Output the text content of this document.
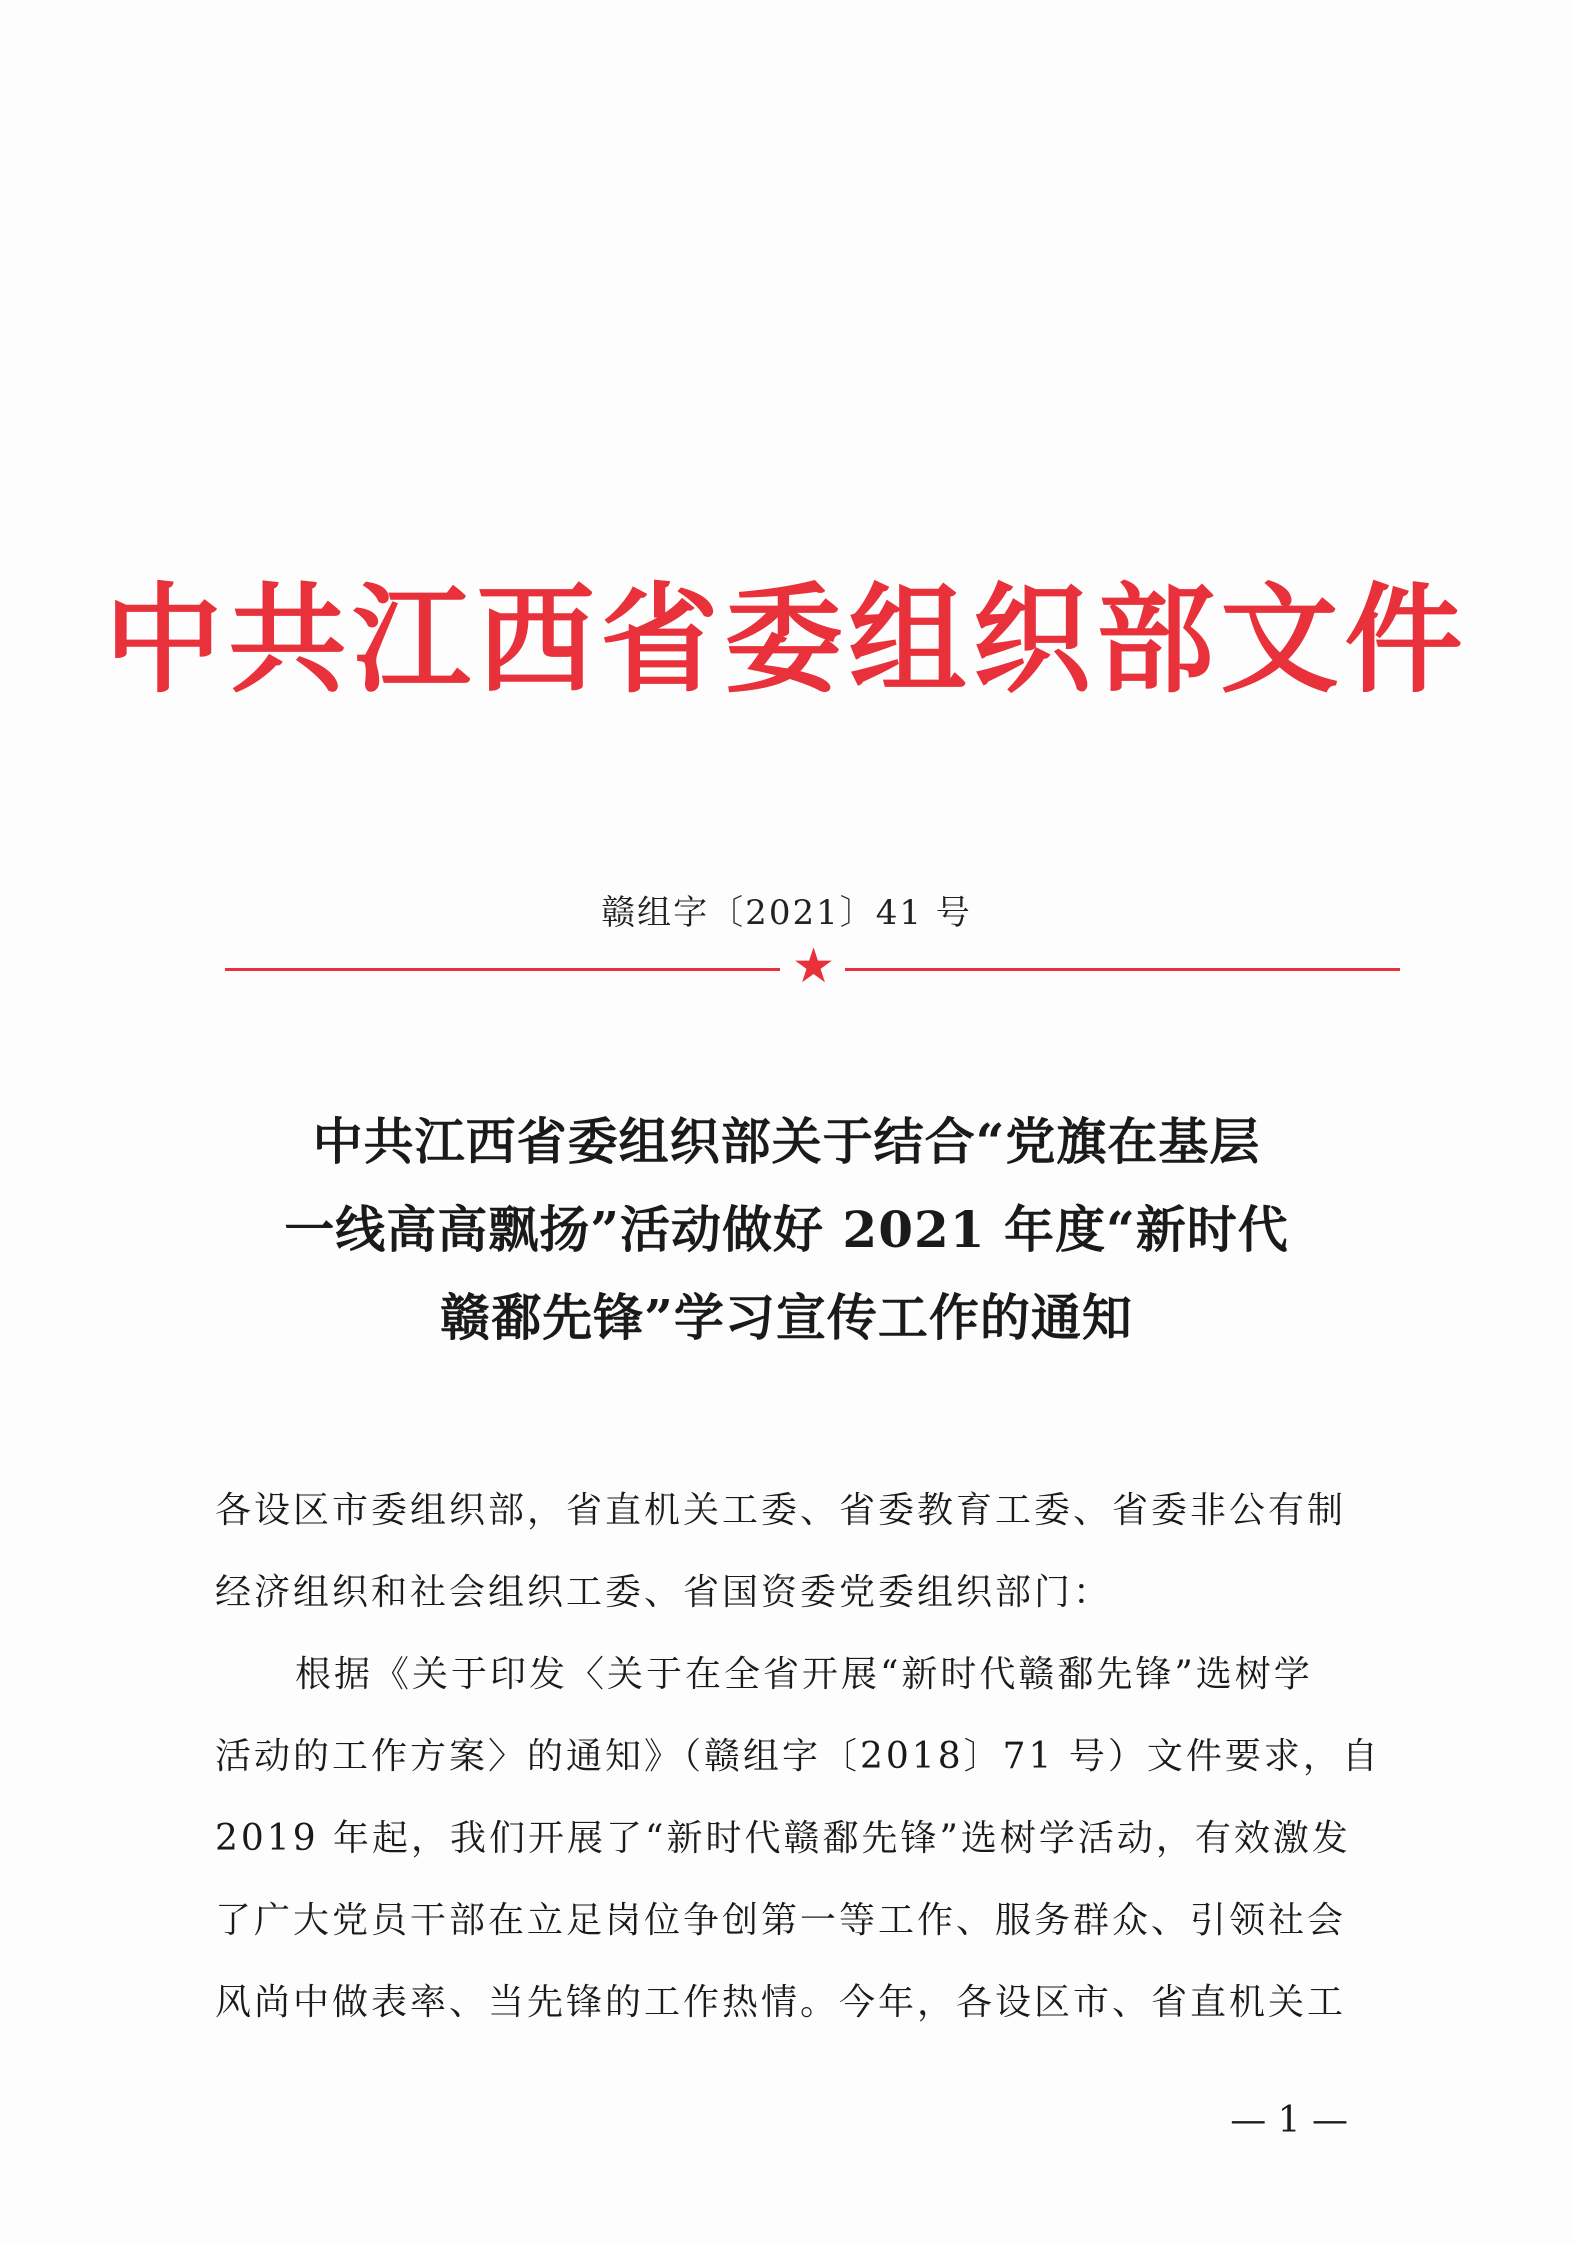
中共江西省委组织部文件
赣组字〔2021〕41 号
★
中共江西省委组织部关于结合“党旗在基层
一线高高飘扬”活动做好 2021 年度“新时代
赣鄱先锋”学习宣传工作的通知
各设区市委组织部，省直机关工委、省委教育工委、省委非公有制
经济组织和社会组织工委、省国资委党委组织部门：
根据《关于印发〈关于在全省开展“新时代赣鄱先锋”选树学
活动的工作方案〉的通知》（赣组字〔2018〕71 号）文件要求，自
2019 年起，我们开展了“新时代赣鄱先锋”选树学活动，有效激发
了广大党员干部在立足岗位争创第一等工作、服务群众、引领社会
风尚中做表率、当先锋的工作热情。今年，各设区市、省直机关工
— 1 —
